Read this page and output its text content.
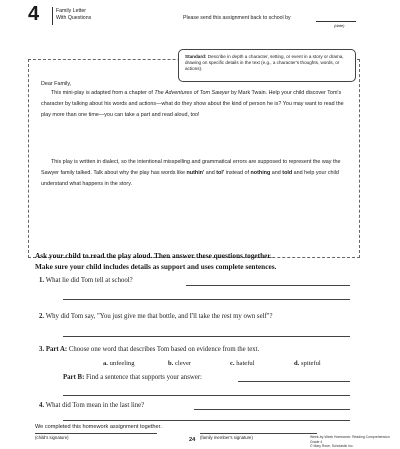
4	Family Letter
With Questions	Please send this assignment back to school by
(date)
Standard: Describe in depth a character, setting, or event in a story or drama, drawing on specific details in the text (e.g., a character's thoughts, words, or actions).
Dear Family,
This mini-play is adapted from a chapter of The Adventures of Tom Sawyer by Mark Twain. Help your child discover Tom's character by talking about his words and actions—what do they show about the kind of person he is? You may want to read the play more than one time—you can take a part and read aloud, too!
This play is written in dialect, so the intentional misspelling and grammatical errors are supposed to represent the way the Sawyer family talked. Talk about why the play has words like nuthin' and tol' instead of nothing and told and help your child understand what happens in the story.
Ask your child to read the play aloud. Then answer these questions together.
Make sure your child includes details as support and uses complete sentences.
1. What lie did Tom tell at school?
2. Why did Tom say, "You just give me that bottle, and I'll take the rest my own self"?
3. Part A: Choose one word that describes Tom based on evidence from the text.
a. unfeeling	b. clever	c. hateful	d. spiteful
Part B: Find a sentence that supports your answer:
4. What did Tom mean in the last line?
We completed this homework assignment together.
(child's signature)	(family member's signature)
24	Week-by-Week Homework: Reading Comprehension Grade 4
© Mary Rose, Scholastic Inc.
